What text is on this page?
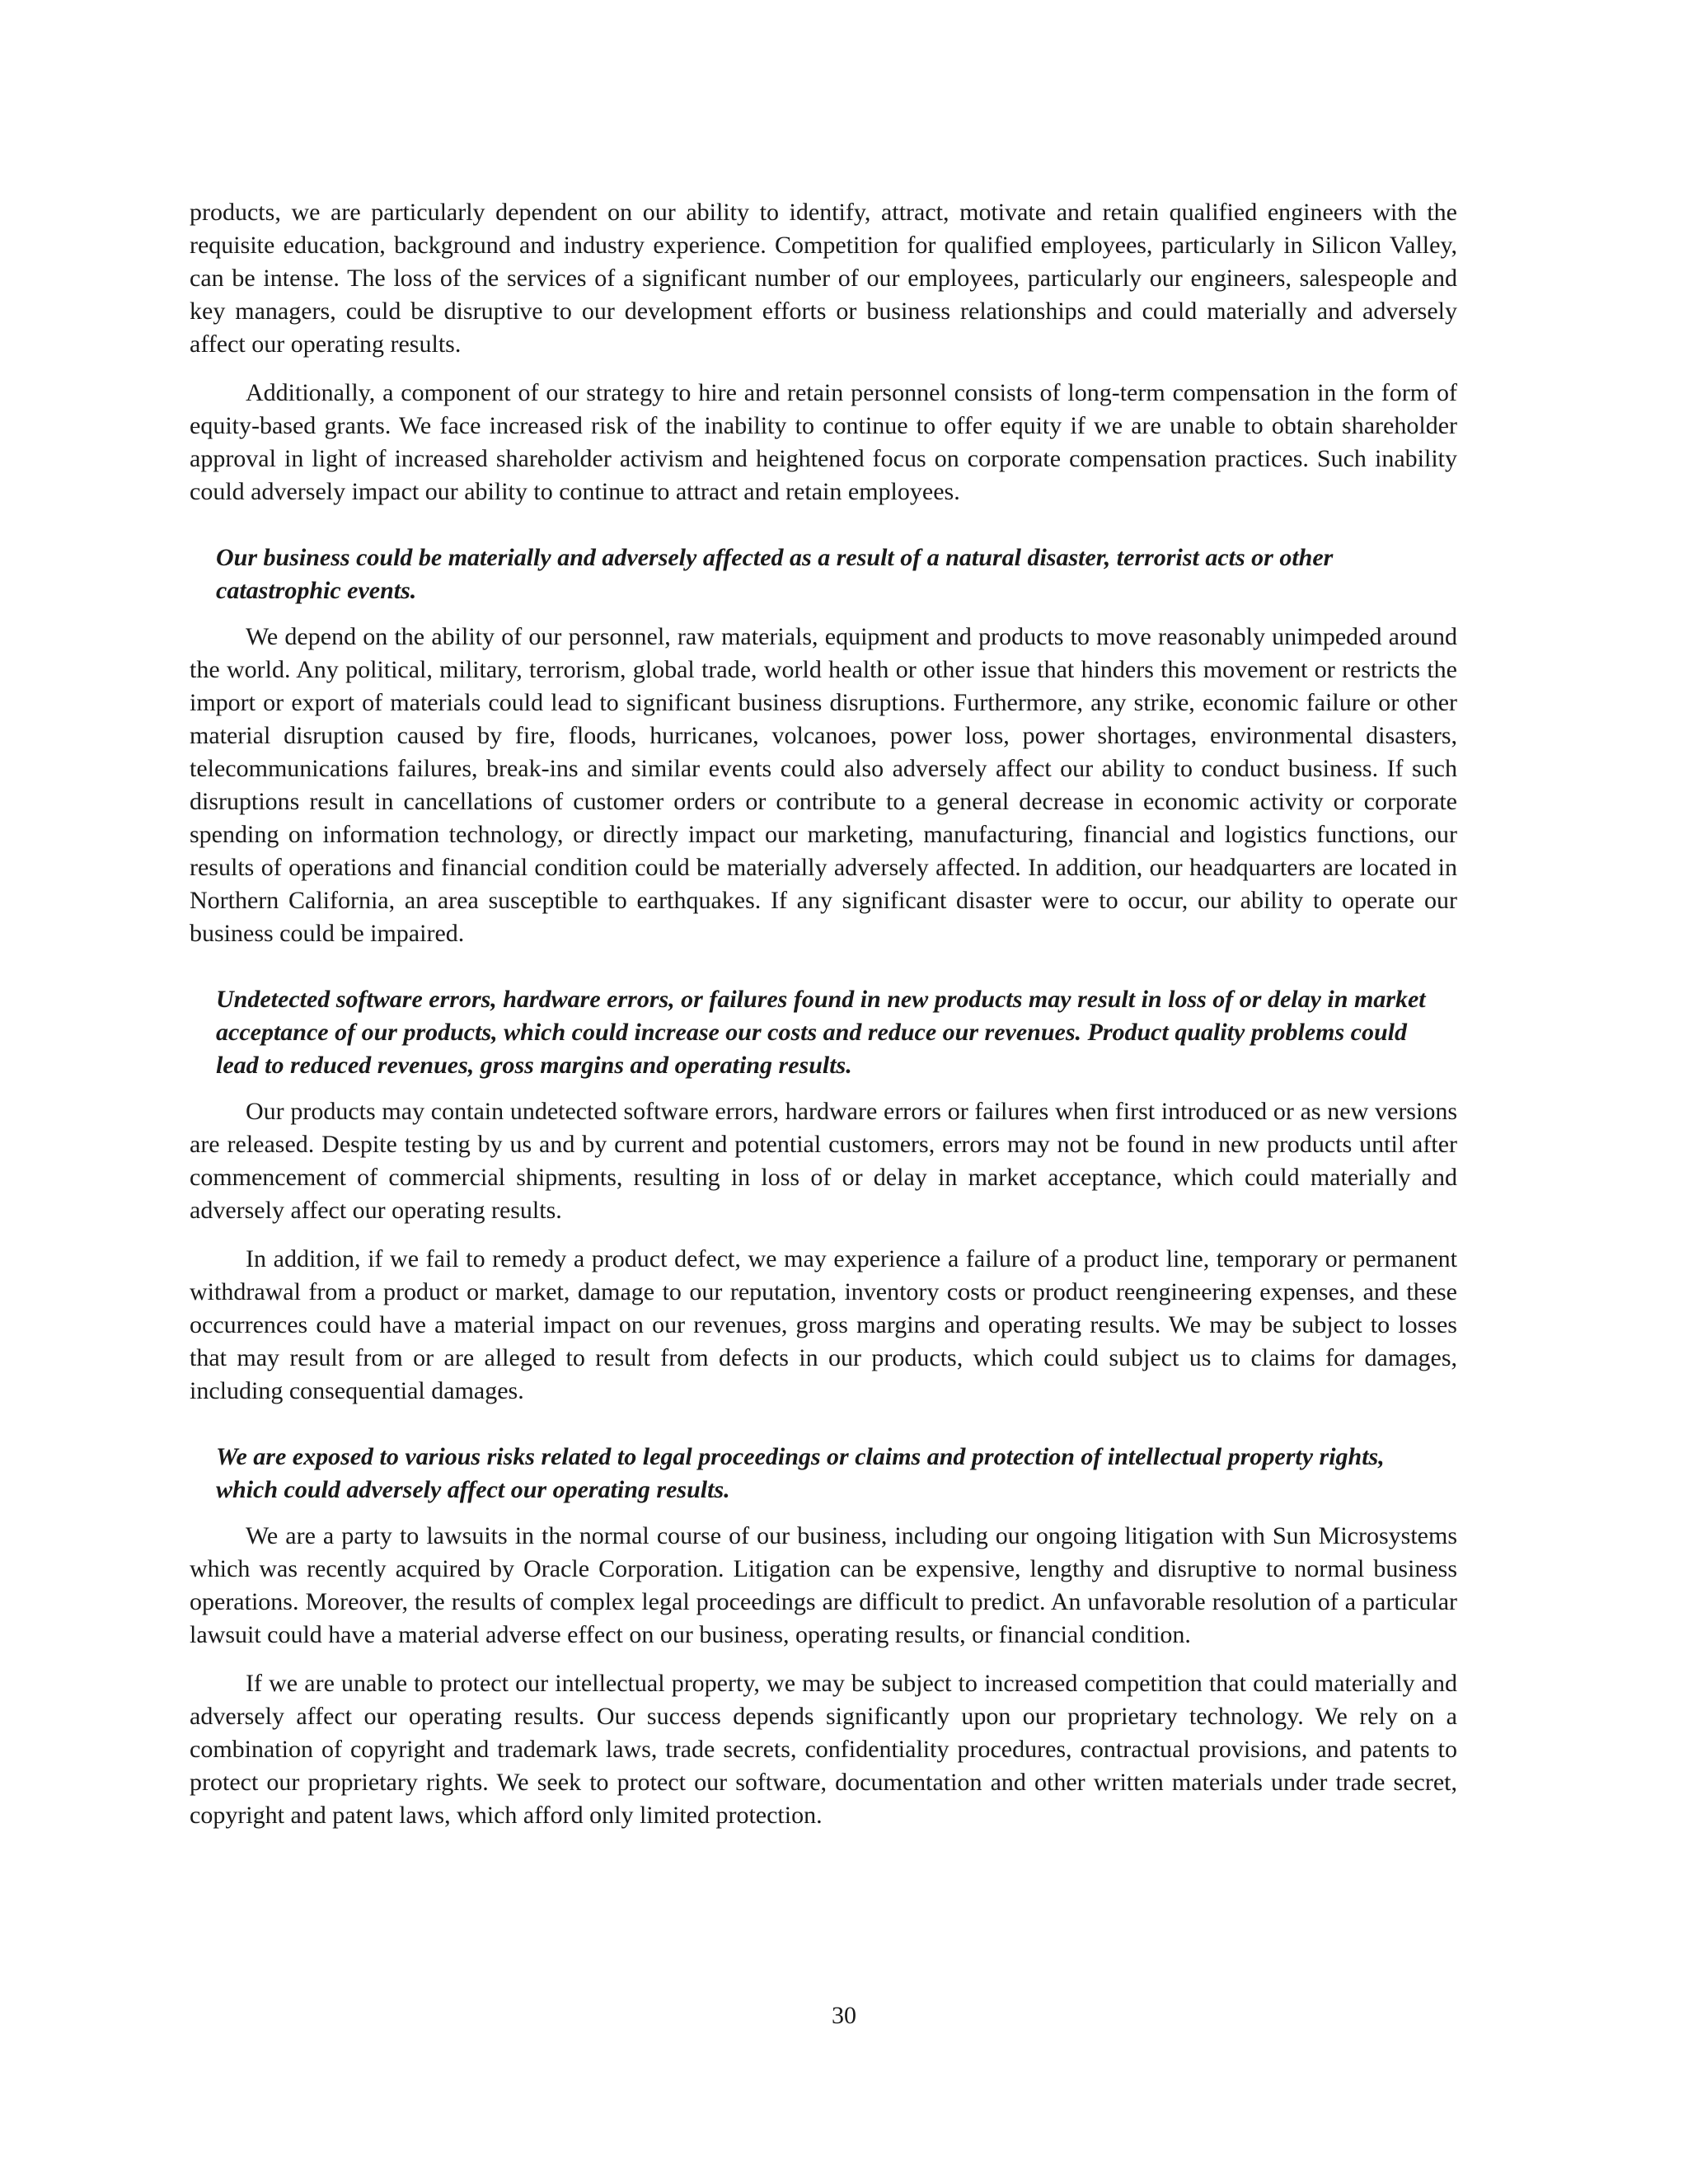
products, we are particularly dependent on our ability to identify, attract, motivate and retain qualified engineers with the requisite education, background and industry experience. Competition for qualified employees, particularly in Silicon Valley, can be intense. The loss of the services of a significant number of our employees, particularly our engineers, salespeople and key managers, could be disruptive to our development efforts or business relationships and could materially and adversely affect our operating results.

Additionally, a component of our strategy to hire and retain personnel consists of long-term compensation in the form of equity-based grants. We face increased risk of the inability to continue to offer equity if we are unable to obtain shareholder approval in light of increased shareholder activism and heightened focus on corporate compensation practices. Such inability could adversely impact our ability to continue to attract and retain employees.

Our business could be materially and adversely affected as a result of a natural disaster, terrorist acts or other catastrophic events.

We depend on the ability of our personnel, raw materials, equipment and products to move reasonably unimpeded around the world. Any political, military, terrorism, global trade, world health or other issue that hinders this movement or restricts the import or export of materials could lead to significant business disruptions. Furthermore, any strike, economic failure or other material disruption caused by fire, floods, hurricanes, volcanoes, power loss, power shortages, environmental disasters, telecommunications failures, break-ins and similar events could also adversely affect our ability to conduct business. If such disruptions result in cancellations of customer orders or contribute to a general decrease in economic activity or corporate spending on information technology, or directly impact our marketing, manufacturing, financial and logistics functions, our results of operations and financial condition could be materially adversely affected. In addition, our headquarters are located in Northern California, an area susceptible to earthquakes. If any significant disaster were to occur, our ability to operate our business could be impaired.

Undetected software errors, hardware errors, or failures found in new products may result in loss of or delay in market acceptance of our products, which could increase our costs and reduce our revenues. Product quality problems could lead to reduced revenues, gross margins and operating results.

Our products may contain undetected software errors, hardware errors or failures when first introduced or as new versions are released. Despite testing by us and by current and potential customers, errors may not be found in new products until after commencement of commercial shipments, resulting in loss of or delay in market acceptance, which could materially and adversely affect our operating results.

In addition, if we fail to remedy a product defect, we may experience a failure of a product line, temporary or permanent withdrawal from a product or market, damage to our reputation, inventory costs or product reengineering expenses, and these occurrences could have a material impact on our revenues, gross margins and operating results. We may be subject to losses that may result from or are alleged to result from defects in our products, which could subject us to claims for damages, including consequential damages.

We are exposed to various risks related to legal proceedings or claims and protection of intellectual property rights, which could adversely affect our operating results.

We are a party to lawsuits in the normal course of our business, including our ongoing litigation with Sun Microsystems which was recently acquired by Oracle Corporation. Litigation can be expensive, lengthy and disruptive to normal business operations. Moreover, the results of complex legal proceedings are difficult to predict. An unfavorable resolution of a particular lawsuit could have a material adverse effect on our business, operating results, or financial condition.

If we are unable to protect our intellectual property, we may be subject to increased competition that could materially and adversely affect our operating results. Our success depends significantly upon our proprietary technology. We rely on a combination of copyright and trademark laws, trade secrets, confidentiality procedures, contractual provisions, and patents to protect our proprietary rights. We seek to protect our software, documentation and other written materials under trade secret, copyright and patent laws, which afford only limited protection.

30
